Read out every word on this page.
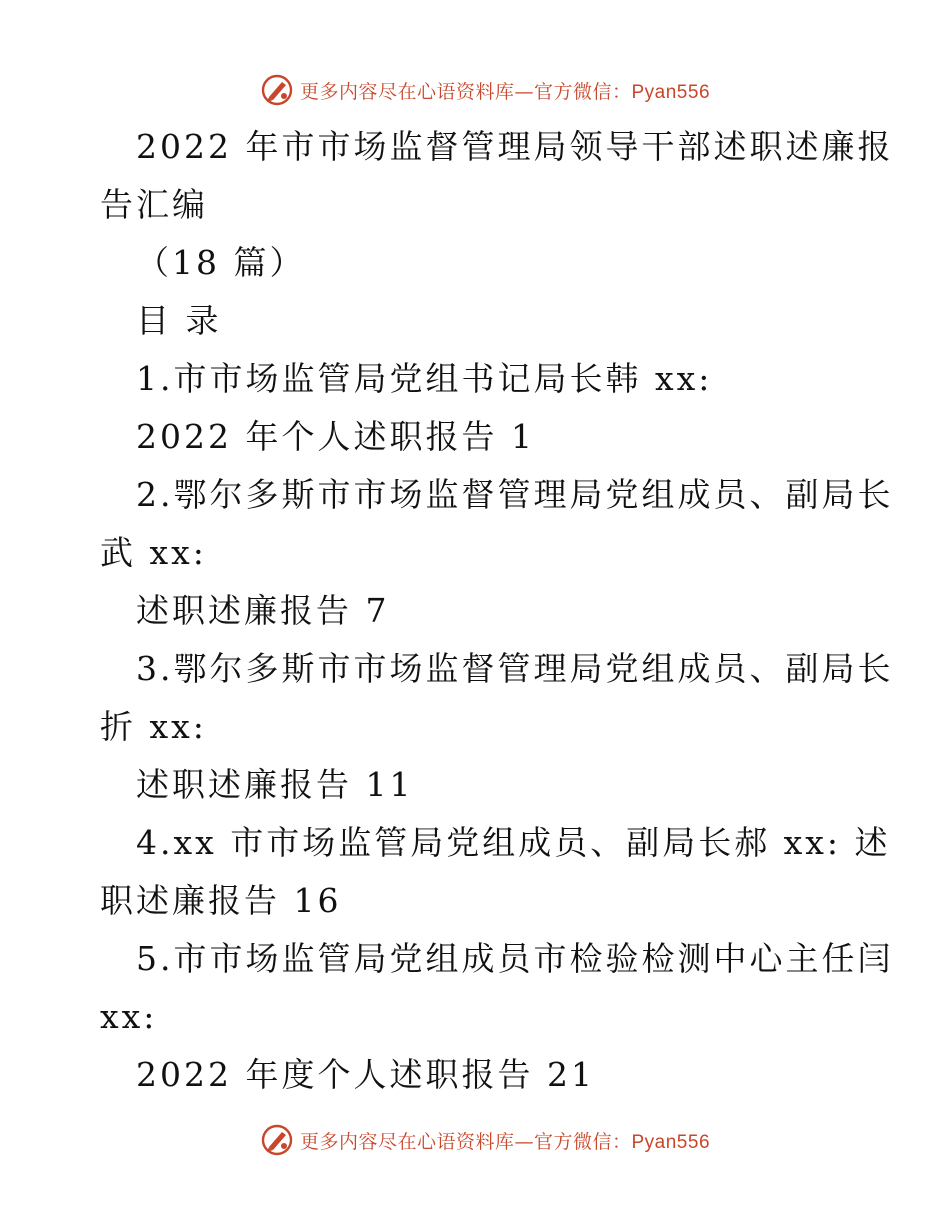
更多内容尽在心语资料库—官方微信：Pyan556
2022 年市市场监督管理局领导干部述职述廉报
告汇编
（18 篇）
目 录
1.市市场监管局党组书记局长韩 xx:
2022 年个人述职报告 1
2.鄂尔多斯市市场监督管理局党组成员、副局长
武 xx:
述职述廉报告 7
3.鄂尔多斯市市场监督管理局党组成员、副局长
折 xx:
述职述廉报告 11
4.xx 市市场监管局党组成员、副局长郝 xx: 述
职述廉报告 16
5.市市场监管局党组成员市检验检测中心主任闫
xx:
2022 年度个人述职报告 21
更多内容尽在心语资料库—官方微信：Pyan556
